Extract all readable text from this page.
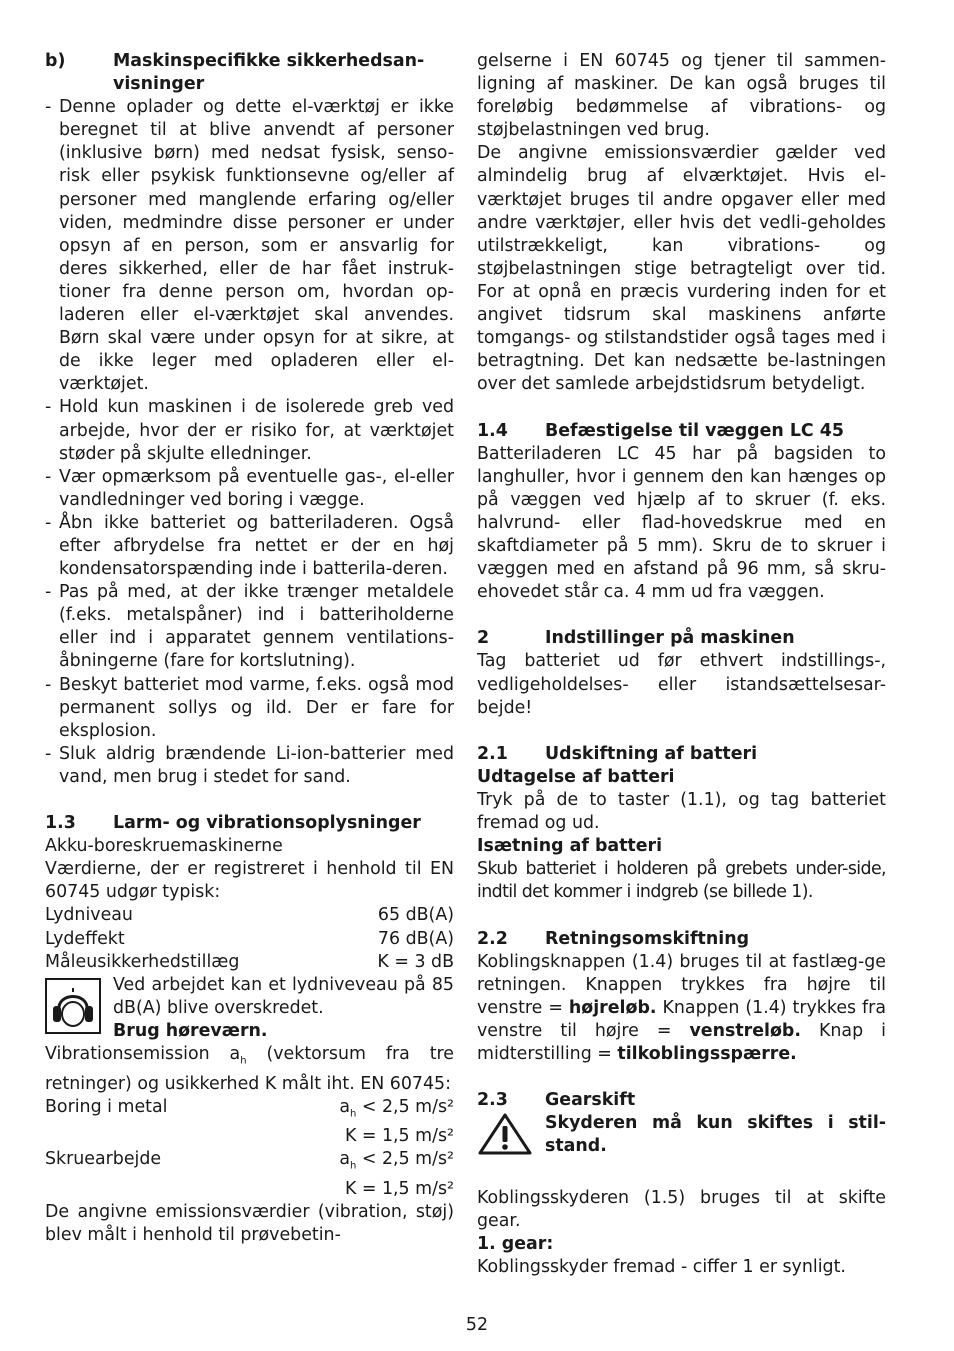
b)	Maskinspecifikke sikkerhedsan-visninger
- Denne oplader og dette el-værktøj er ikke beregnet til at blive anvendt af personer (inklusive børn) med nedsat fysisk, senso-risk eller psykisk funktionsevne og/eller af personer med manglende erfaring og/eller viden, medmindre disse personer er under opsyn af en person, som er ansvarlig for deres sikkerhed, eller de har fået instruk-tioner fra denne person om, hvordan op-laderen eller el-værktøjet skal anvendes. Børn skal være under opsyn for at sikre, at de ikke leger med opladeren eller el-værktøjet.
- Hold kun maskinen i de isolerede greb ved arbejde, hvor der er risiko for, at værktøjet støder på skjulte elledninger.
- Vær opmærksom på eventuelle gas-, el-eller vandledninger ved boring i vægge.
- Åbn ikke batteriet og batteriladeren. Også efter afbrydelse fra nettet er der en høj kondensatorspænding inde i batterila-deren.
- Pas på med, at der ikke trænger metaldele (f.eks. metalspåner) ind i batteriholderne eller ind i apparatet gennem ventilations-åbningerne (fare for kortslutning).
- Beskyt batteriet mod varme, f.eks. også mod permanent sollys og ild. Der er fare for eksplosion.
- Sluk aldrig brændende Li-ion-batterier med vand, men brug i stedet for sand.
1.3	Larm- og vibrationsoplysninger

Akku-boreskruemaskinerne

Værdierne, der er registreret i henhold til EN 60745 udgør typisk:

Lydniveau	65 dB(A)
Lydeffekt	76 dB(A)
Måleusikkerhedstillæg	K = 3 dB
Ved arbejdet kan et lydniveveau på 85 dB(A) blive overskredet.
Brug høreværn.

Vibrationsemission $a_h$ (vektorsum fra tre retninger) og usikkerhed K målt iht. EN 60745:

Boring i metal	$a_h < 2,5$ m/s²
K = 1,5 m/s²
Skruearbejde	$a_h < 2,5$ m/s²
K = 1,5 m/s²

De angivne emissionsværdier (vibration, støj) blev målt i henhold til prøvebetin-

gelserne i EN 60745 og tjener til sammen-ligning af maskiner. De kan også bruges til foreløbig bedømmelse af vibrations- og støjbelastningen ved brug.

De angivne emissionsværdier gælder ved almindelig brug af elværktøjet. Hvis el-værktøjet bruges til andre opgaver eller med andre værktøjer, eller hvis det vedli-geholdes utilstrækkeligt, kan vibrations- og støjbelastningen stige betragteligt over tid. For at opnå en præcis vurdering inden for et angivet tidsrum skal maskinens anførte tomgangs- og stilstandstider også tages med i betragtning. Det kan nedsætte be-lastningen over det samlede arbejdstidsrum betydeligt.

1.4	Befæstigelse til væggen LC 45

Batteriladeren LC 45 har på bagsiden to langhuller, hvor i gennem den kan hænges op på væggen ved hjælp af to skruer (f. eks. halvrund- eller flad-hovedskrue med en skaftdiameter på 5 mm). Skru de to skruer i væggen med en afstand på 96 mm, så skru-ehovedet står ca. 4 mm ud fra væggen.

2	Indstillinger på maskinen

Tag batteriet ud før ethvert indstillings-, vedligeholdelses- eller istandsættelsesar-bejde!

2.1	Udskiftning af batteri

Udtagelse af batteri

Tryk på de to taster (1.1), og tag batteriet fremad og ud.

Isætning af batteri

Skub batteriet i holderen på grebets under-side, indtil det kommer i indgreb (se billede 1).

2.2	Retningsomskiftning

Koblingsknappen (1.4) bruges til at fastlæg-ge retningen. Knappen trykkes fra højre til venstre = højreløb. Knappen (1.4) trykkes fra venstre til højre = venstreløb. Knap i midterstilling = tilkoblingsspærre.

2.3	Gearskift
Skyderen må kun skiftes i stil-stand.

Koblingsskyderen (1.5) bruges til at skifte gear.

1. gear:

Koblingsskyder fremad - ciffer 1 er synligt.

52
